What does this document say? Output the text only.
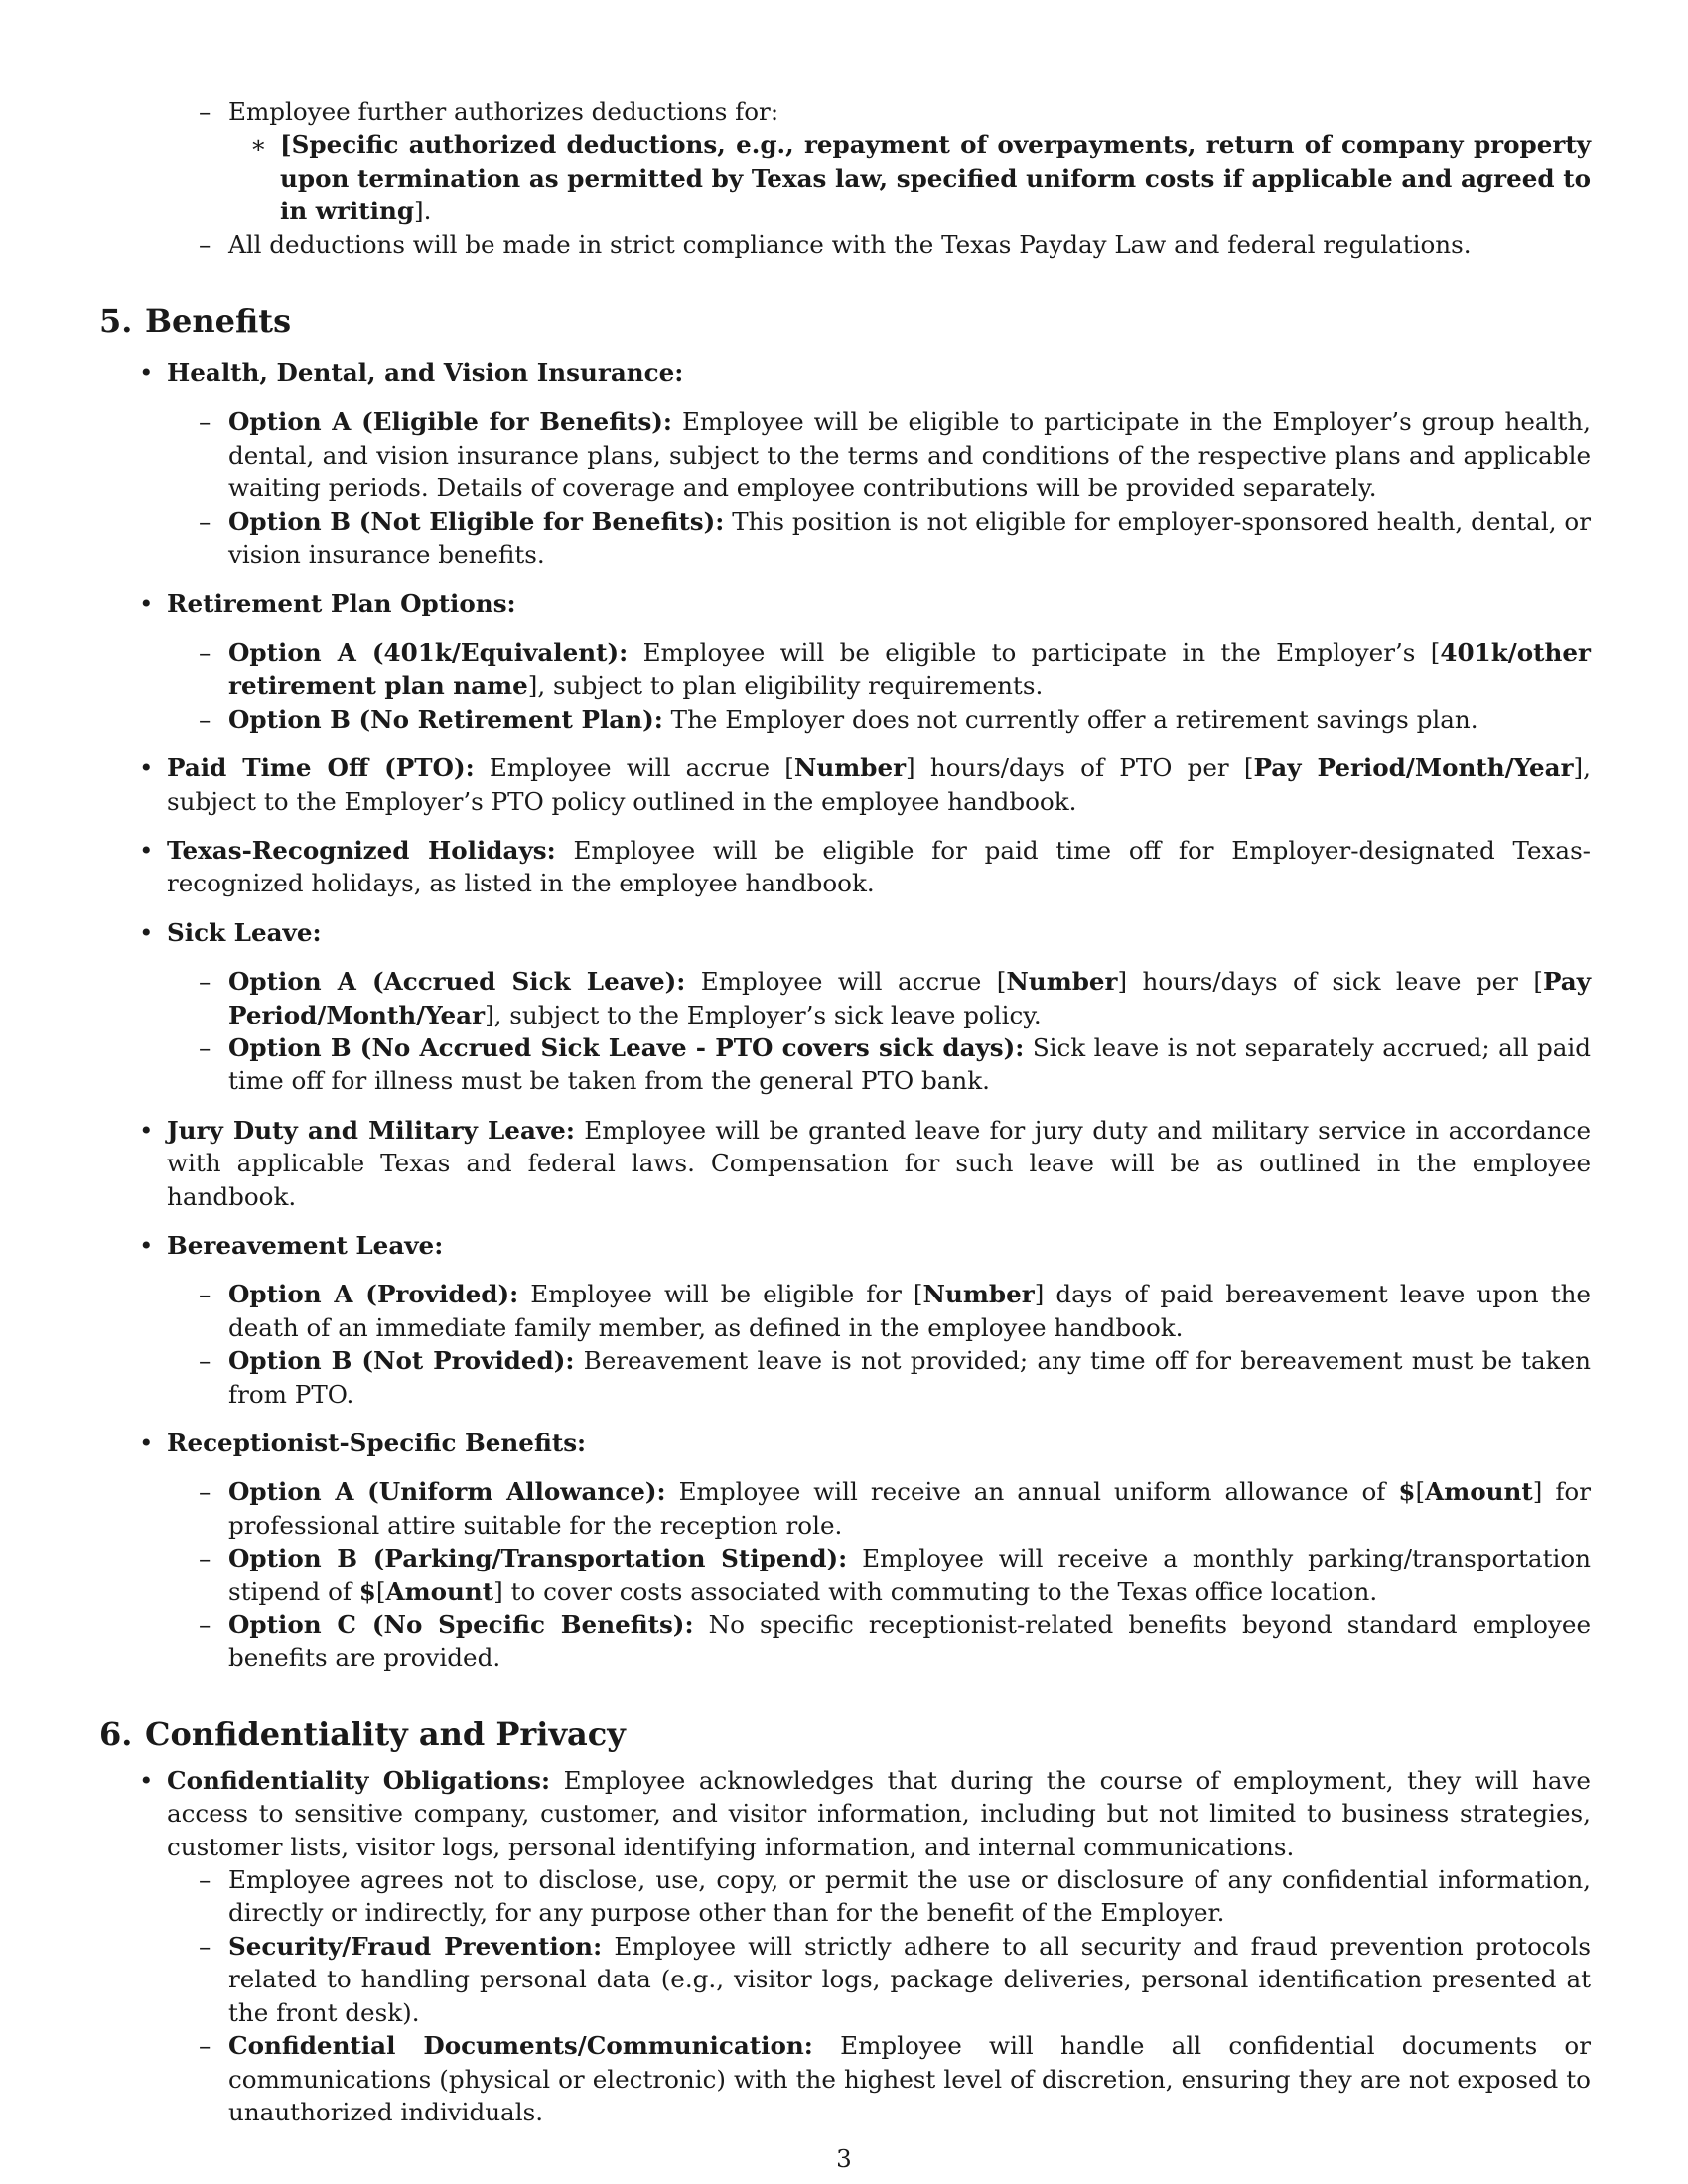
– Employee further authorizes deductions for:

∗ [Specific authorized deductions, e.g., repayment of overpayments, return of company property upon termination as permitted by Texas law, specified uniform costs if applicable and agreed to in writing].

– All deductions will be made in strict compliance with the Texas Payday Law and federal regulations.

5. Benefits

• Health, Dental, and Vision Insurance:

– Option A (Eligible for Benefits): Employee will be eligible to participate in the Employer’s group health, dental, and vision insurance plans, subject to the terms and conditions of the respective plans and applicable waiting periods. Details of coverage and employee contributions will be provided separately.

– Option B (Not Eligible for Benefits): This position is not eligible for employer-sponsored health, dental, or vision insurance benefits.

• Retirement Plan Options:

– Option A (401k/Equivalent): Employee will be eligible to participate in the Employer’s [401k/other retirement plan name], subject to plan eligibility requirements.

– Option B (No Retirement Plan): The Employer does not currently offer a retirement savings plan.

• Paid Time Off (PTO): Employee will accrue [Number] hours/days of PTO per [Pay Period/Month/Year], subject to the Employer’s PTO policy outlined in the employee handbook.

• Texas-Recognized Holidays: Employee will be eligible for paid time off for Employer-designated Texas-recognized holidays, as listed in the employee handbook.

• Sick Leave:

– Option A (Accrued Sick Leave): Employee will accrue [Number] hours/days of sick leave per [Pay Period/Month/Year], subject to the Employer’s sick leave policy.

– Option B (No Accrued Sick Leave - PTO covers sick days): Sick leave is not separately accrued; all paid time off for illness must be taken from the general PTO bank.

• Jury Duty and Military Leave: Employee will be granted leave for jury duty and military service in accordance with applicable Texas and federal laws. Compensation for such leave will be as outlined in the employee handbook.

• Bereavement Leave:

– Option A (Provided): Employee will be eligible for [Number] days of paid bereavement leave upon the death of an immediate family member, as defined in the employee handbook.

– Option B (Not Provided): Bereavement leave is not provided; any time off for bereavement must be taken from PTO.

• Receptionist-Specific Benefits:

– Option A (Uniform Allowance): Employee will receive an annual uniform allowance of $[Amount] for professional attire suitable for the reception role.

– Option B (Parking/Transportation Stipend): Employee will receive a monthly parking/transportation stipend of $[Amount] to cover costs associated with commuting to the Texas office location.

– Option C (No Specific Benefits): No specific receptionist-related benefits beyond standard employee benefits are provided.

6. Confidentiality and Privacy

• Confidentiality Obligations: Employee acknowledges that during the course of employment, they will have access to sensitive company, customer, and visitor information, including but not limited to business strategies, customer lists, visitor logs, personal identifying information, and internal communications.

– Employee agrees not to disclose, use, copy, or permit the use or disclosure of any confidential information, directly or indirectly, for any purpose other than for the benefit of the Employer.

– Security/Fraud Prevention: Employee will strictly adhere to all security and fraud prevention protocols related to handling personal data (e.g., visitor logs, package deliveries, personal identification presented at the front desk).

– Confidential Documents/Communication: Employee will handle all confidential documents or communications (physical or electronic) with the highest level of discretion, ensuring they are not exposed to unauthorized individuals.

3
